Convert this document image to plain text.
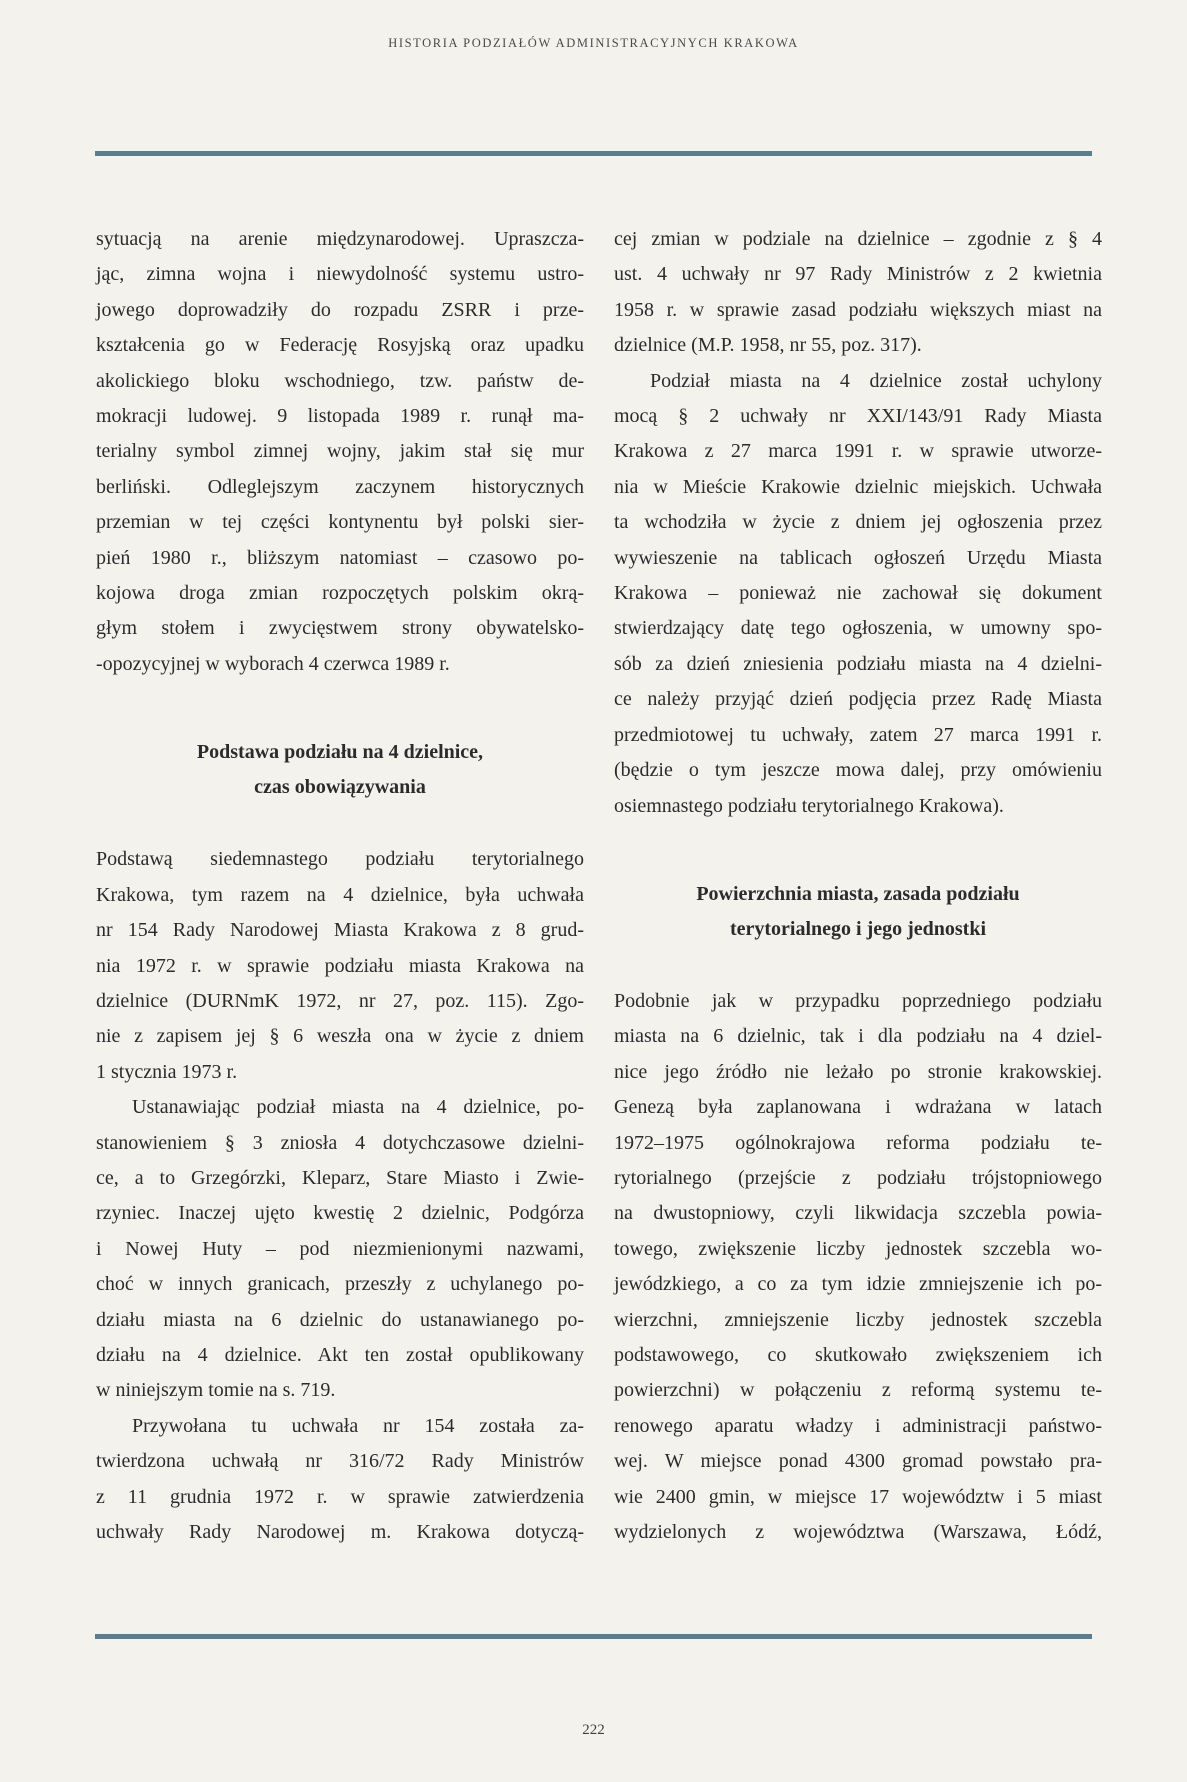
HISTORIA PODZIAŁÓW ADMINISTRACYJNYCH KRAKOWA
sytuacją na arenie międzynarodowej. Upraszcza-
jąc, zimna wojna i niewydolność systemu ustro-
jowego doprowadziły do rozpadu ZSRR i prze-
kształcenia go w Federację Rosyjską oraz upadku
akolickiego bloku wschodniego, tzw. państw de-
mokracji ludowej. 9 listopada 1989 r. runął ma-
terialny symbol zimnej wojny, jakim stał się mur
berliński. Odleglejszym zaczynem historycznych
przemian w tej części kontynentu był polski sier-
pień 1980 r., bliższym natomiast – czasowo po-
kojowa droga zmian rozpoczętych polskim okrą-
głym stołem i zwycięstwem strony obywatelsko-
-opozycyjnej w wyborach 4 czerwca 1989 r.
Podstawa podziału na 4 dzielnice,
czas obowiązywania
Podstawą siedemnastego podziału terytorialnego
Krakowa, tym razem na 4 dzielnice, była uchwała
nr 154 Rady Narodowej Miasta Krakowa z 8 grud-
nia 1972 r. w sprawie podziału miasta Krakowa na
dzielnice (DURNmK 1972, nr 27, poz. 115). Zgo-
nie z zapisem jej § 6 weszła ona w życie z dniem
1 stycznia 1973 r.
Ustanawiając podział miasta na 4 dzielnice, po-
stanowieniem § 3 zniosła 4 dotychczasowe dzielni-
ce, a to Grzegórzki, Kleparz, Stare Miasto i Zwie-
rzyniec. Inaczej ujęto kwestię 2 dzielnic, Podgórza
i Nowej Huty – pod niezmienionymi nazwami,
choć w innych granicach, przeszły z uchylanego po-
działu miasta na 6 dzielnic do ustanawianego po-
działu na 4 dzielnice. Akt ten został opublikowany
w niniejszym tomie na s. 719.
Przywołana tu uchwała nr 154 została za-
twierdzona uchwałą nr 316/72 Rady Ministrów
z 11 grudnia 1972 r. w sprawie zatwierdzenia
uchwały Rady Narodowej m. Krakowa dotyczą-
cej zmian w podziale na dzielnice – zgodnie z § 4
ust. 4 uchwały nr 97 Rady Ministrów z 2 kwietnia
1958 r. w sprawie zasad podziału większych miast na
dzielnice (M.P. 1958, nr 55, poz. 317).
Podział miasta na 4 dzielnice został uchylony
mocą § 2 uchwały nr XXI/143/91 Rady Miasta
Krakowa z 27 marca 1991 r. w sprawie utworze-
nia w Mieście Krakowie dzielnic miejskich. Uchwała
ta wchodziła w życie z dniem jej ogłoszenia przez
wywieszenie na tablicach ogłoszeń Urzędu Miasta
Krakowa – ponieważ nie zachował się dokument
stwierdzający datę tego ogłoszenia, w umowny spo-
sób za dzień zniesienia podziału miasta na 4 dzielni-
ce należy przyjąć dzień podjęcia przez Radę Miasta
przedmiotowej tu uchwały, zatem 27 marca 1991 r.
(będzie o tym jeszcze mowa dalej, przy omówieniu
osiemnastego podziału terytorialnego Krakowa).
Powierzchnia miasta, zasada podziału
terytorialnego i jego jednostki
Podobnie jak w przypadku poprzedniego podziału
miasta na 6 dzielnic, tak i dla podziału na 4 dziel-
nice jego źródło nie leżało po stronie krakowskiej.
Genezą była zaplanowana i wdrażana w latach
1972–1975 ogólnokrajowa reforma podziału te-
rytorialnego (przejście z podziału trójstopniowego
na dwustopniowy, czyli likwidacja szczebla powia-
towego, zwiększenie liczby jednostek szczebla wo-
jewódzkiego, a co za tym idzie zmniejszenie ich po-
wierzchni, zmniejszenie liczby jednostek szczebla
podstawowego, co skutkowało zwiększeniem ich
powierzchni) w połączeniu z reformą systemu te-
renowego aparatu władzy i administracji państwo-
wej. W miejsce ponad 4300 gromad powstało pra-
wie 2400 gmin, w miejsce 17 województw i 5 miast
wydzielonych z województwa (Warszawa, Łódź,
222
